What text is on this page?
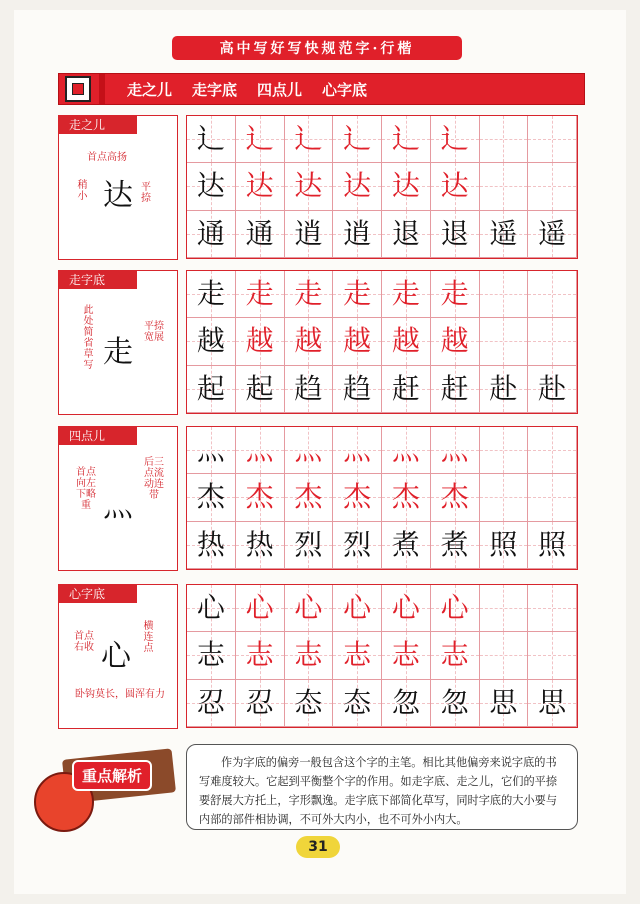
高中写好写快规范字·行楷
走之儿 走字底 四点儿 心字底
走之儿
达
首点高扬
稍小
平捺
辶 辶 辶 辶 辶 辶
达 达 达 达 达 达
通 通 逍 逍 退 退 遥 遥
走字底
走
此处简省草写
平捺宽展
走 走 走 走 走 走
越 越 越 越 越 越
起 起 趋 趋 赶 赶 赴 赴
四点儿
灬
首点向左下略重
后三点流动连带
灬 灬 灬 灬 灬 灬
杰 杰 杰 杰 杰 杰
热 热 烈 烈 煮 煮 照 照
心字底
心
首点右收
横连点
卧钩莫长，圆浑有力
心 心 心 心 心 心
志 志 志 志 志 志
忍 忍 态 态 忽 忽 思 思
重点解析

作为字底的偏旁一般包含这个字的主笔。相比其他偏旁来说字底的书写难度较大。它起到平衡整个字的作用。如走字底、走之儿，它们的平捺要舒展大方托上，字形飘逸。走字底下部简化草写，同时字底的大小要与内部的部件相协调，不可外大内小，也不可外小内大。

31
